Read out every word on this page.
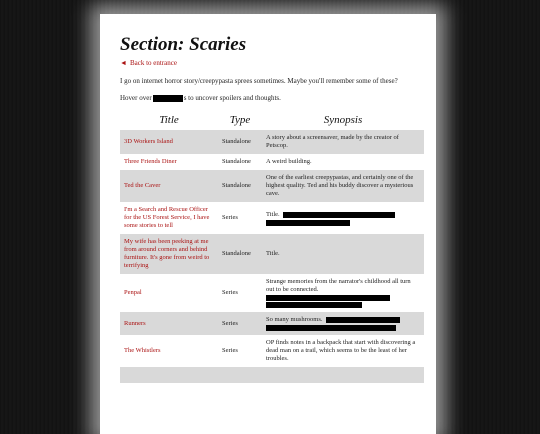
Section: Scaries
◄ Back to entrance
I go on internet horror story/creepypasta sprees sometimes. Maybe you'll remember some of these?
Hover over	s to uncover spoilers and thoughts.
Title	Type	Synopsis
3D Workers Island	Standalone	A story about a screensaver, made by the creator of Petscop.
Three Friends Diner	Standalone	A weird building.
Ted the Caver	Standalone	One of the earliest creepypastas, and certainly one of the highest quality. Ted and his buddy discover a mysterious cave.
I'm a Search and Rescue Officer for the US Forest Service, I have some stories to tell	Series	Title.

My wife has been peeking at me from around corners and behind furniture. It's gone from weird to terrifying	Standalone	Title.
Penpal	Series	Strange memories from the narrator's childhood all turn out to be connected.

Runners	Series	So many mushrooms.

The Whistlers	Series	OP finds notes in a backpack that start with discovering a dead man on a trail, which seems to be the least of her troubles.
